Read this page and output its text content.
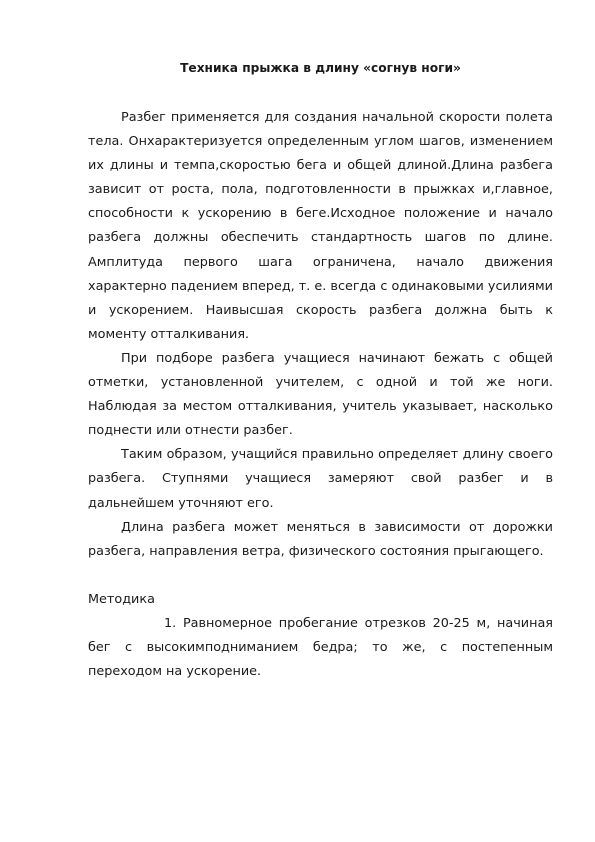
Техника прыжка в длину «согнув ноги»

Разбег применяется для создания начальной скорости полета тела. Онхарактеризуется определенным углом шагов, изменением их длины и темпа,скоростью бега и общей длиной.Длина разбега зависит от роста, пола, подготовленности в прыжках и,главное, способности к ускорению в беге.Исходное положение и начало разбега должны обеспечить стандартность шагов по длине. Амплитуда первого шага ограничена, начало движения характерно падением вперед, т. е. всегда с одинаковыми усилиями и ускорением. Наивысшая скорость разбега должна быть к моменту отталкивания.

При подборе разбега учащиеся начинают бежать с общей отметки, установленной учителем, с одной и той же ноги. Наблюдая за местом отталкивания, учитель указывает, насколько поднести или отнести разбег.

Таким образом, учащийся правильно определяет длину своего разбега. Ступнями учащиеся замеряют свой разбег и в дальнейшем уточняют его.

Длина разбега может меняться в зависимости от дорожки разбега, направления ветра, физического состояния прыгающего.

Методика

1. Равномерное пробегание отрезков 20-25 м, начиная бег с высокимподниманием бедра; то же, с постепенным переходом на ускорение.
